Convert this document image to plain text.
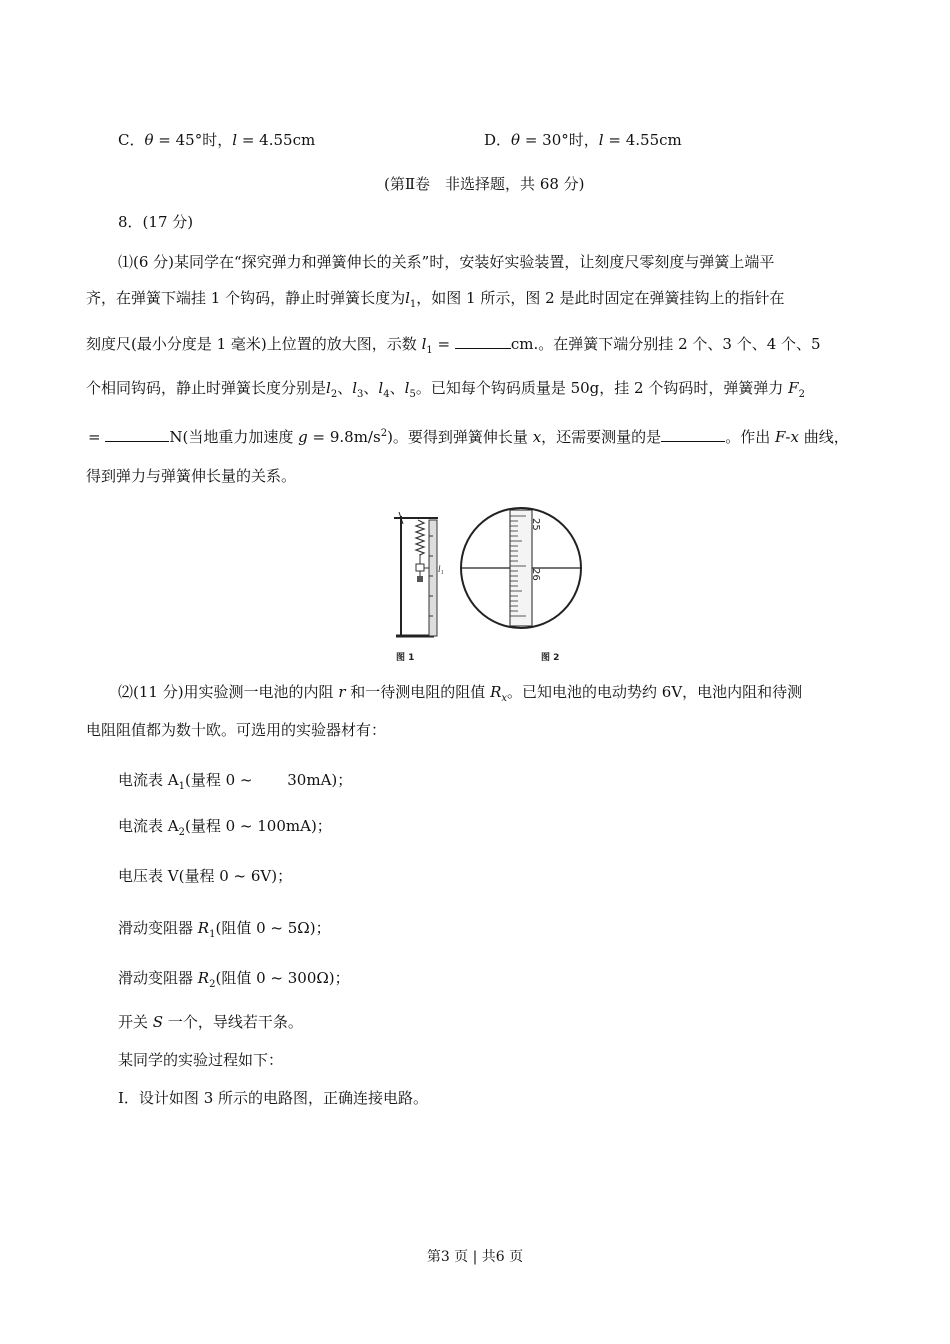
C．θ = 45°时，l = 4.55cm	D．θ = 30°时，l = 4.55cm
(第Ⅱ卷　非选择题，共 68 分)
8．(17 分)
⑴(6 分)某同学在“探究弹力和弹簧伸长的关系”时，安装好实验装置，让刻度尺零刻度与弹簧上端平
齐，在弹簧下端挂 1 个钩码，静止时弹簧长度为$l_1$，如图 1 所示，图 2 是此时固定在弹簧挂钩上的指针在
刻度尺(最小分度是 1 毫米)上位置的放大图，示数 $l_1$ =	cm.。在弹簧下端分别挂 2 个、3 个、4 个、5
个相同钩码，静止时弹簧长度分别是$l_2$、$l_3$、$l_4$、$l_5$。已知每个钩码质量是 50g，挂 2 个钩码时，弹簧弹力 $F_2$
=	N(当地重力加速度 $g = 9.8m/s^2$)。要得到弹簧伸长量 x，还需要测量的是	。作出 F-x 曲线，
得到弹力与弹簧伸长量的关系。
l₁
图 1
25
26
图 2
⑵(11 分)用实验测一电池的内阻 r 和一待测电阻的阻值 $R_x$。已知电池的电动势约 6V，电池内阻和待测
电阻阻值都为数十欧。可选用的实验器材有：
电流表 $A_1$(量程 0 ~　　 30mA)；
电流表 $A_2$(量程 0 ~ 100mA)；
电压表 V(量程 0 ~ 6V)；
滑动变阻器 $R_1$(阻值 0 ~ 5Ω)；
滑动变阻器 $R_2$(阻值 0 ~ 300Ω)；
开关 S 一个，导线若干条。
某同学的实验过程如下：
Ⅰ．设计如图 3 所示的电路图，正确连接电路。
第3 页 | 共6 页
